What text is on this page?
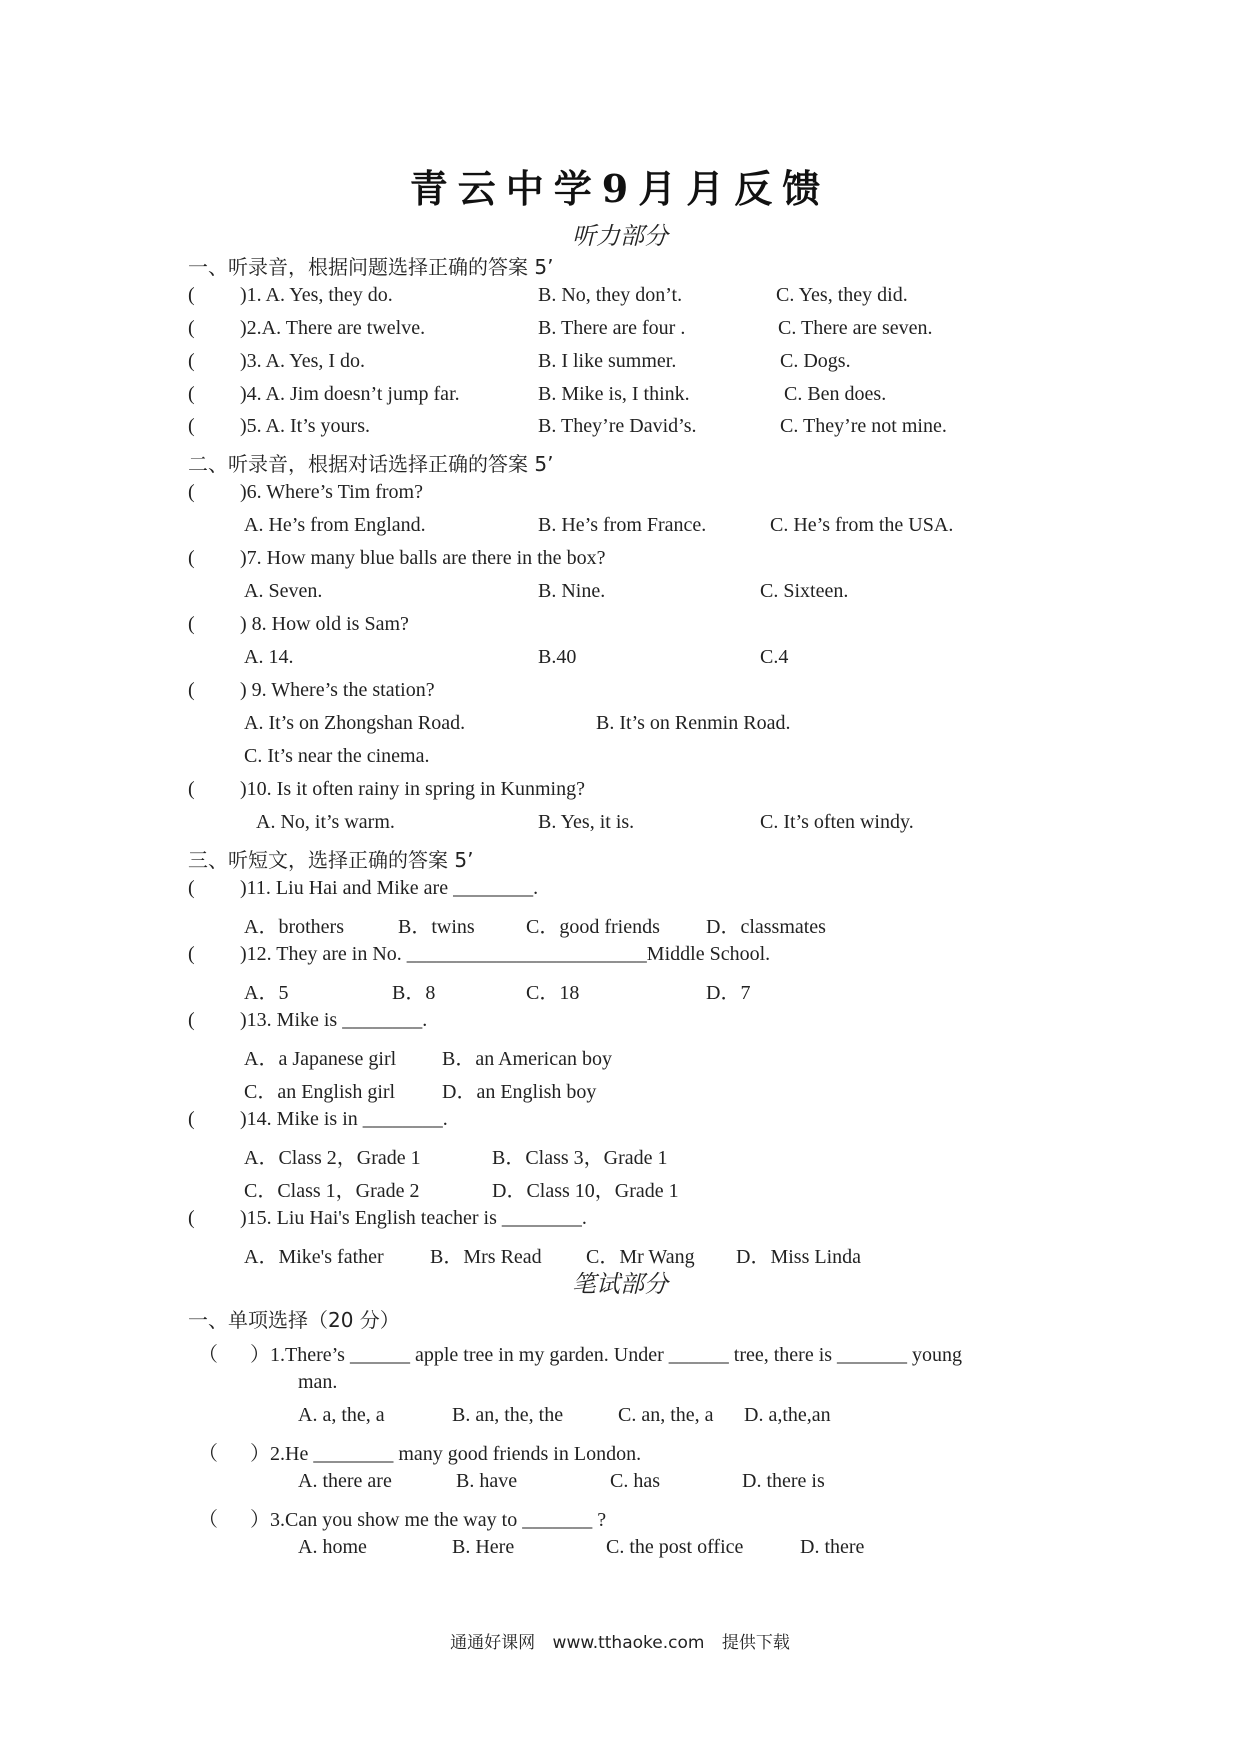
青云中学9月月反馈
听力部分
一、听录音，根据问题选择正确的答案 5’
( )1. A. Yes, they do.	B. No, they don’t.	C. Yes, they did.
( )2.A. There are twelve.	B. There are four .	C. There are seven.
( )3. A. Yes, I do.	B. I like summer.	C. Dogs.
( )4. A. Jim doesn’t jump far.	B. Mike is, I think.	C. Ben does.
( )5. A. It’s yours.	B. They’re David’s.	C. They’re not mine.
二、听录音，根据对话选择正确的答案 5’
( )6. Where’s Tim from?
A. He’s from England.	B. He’s from France.	C. He’s from the USA.
( )7. How many blue balls are there in the box?
A. Seven.	B. Nine.	C. Sixteen.
( ) 8. How old is Sam?
A. 14.	B.40	C.4
( ) 9. Where’s the station?
A. It’s on Zhongshan Road.	B. It’s on Renmin Road.
C. It’s near the cinema.
( )10. Is it often rainy in spring in Kunming?
A. No, it’s warm.	B. Yes, it is.	C. It’s often windy.
三、听短文，选择正确的答案 5’
( )11. Liu Hai and Mike are ________.
A．brothers	B．twins	C．good friends D．classmates
( )12. They are in No. ________________________Middle School.
A．5	B．8	C．18	D．7
( )13. Mike is ________.
A．a Japanese girl B．an American boy
C．an English girl D．an English boy
( )14. Mike is in ________.
A．Class 2，Grade 1	B．Class 3，Grade 1
C．Class 1，Grade 2	D．Class 10，Grade 1
( )15. Liu Hai's English teacher is ________.
A．Mike's father B．Mrs Read C．Mr Wang D．Miss Linda
笔试部分
一、单项选择（20 分）
（ ）1.There’s ______ apple tree in my garden. Under ______ tree, there is _______ young
man.
A. a, the, a	B. an, the, the	C. an, the, a D. a,the,an
（ ）2.He ________ many good friends in London.
A. there are	B. have	C. has	D. there is
（ ）3.Can you show me the way to _______ ?
A. home	B. Here	C. the post office	D. there
通通好课网 www.tthaoke.com 提供下载
